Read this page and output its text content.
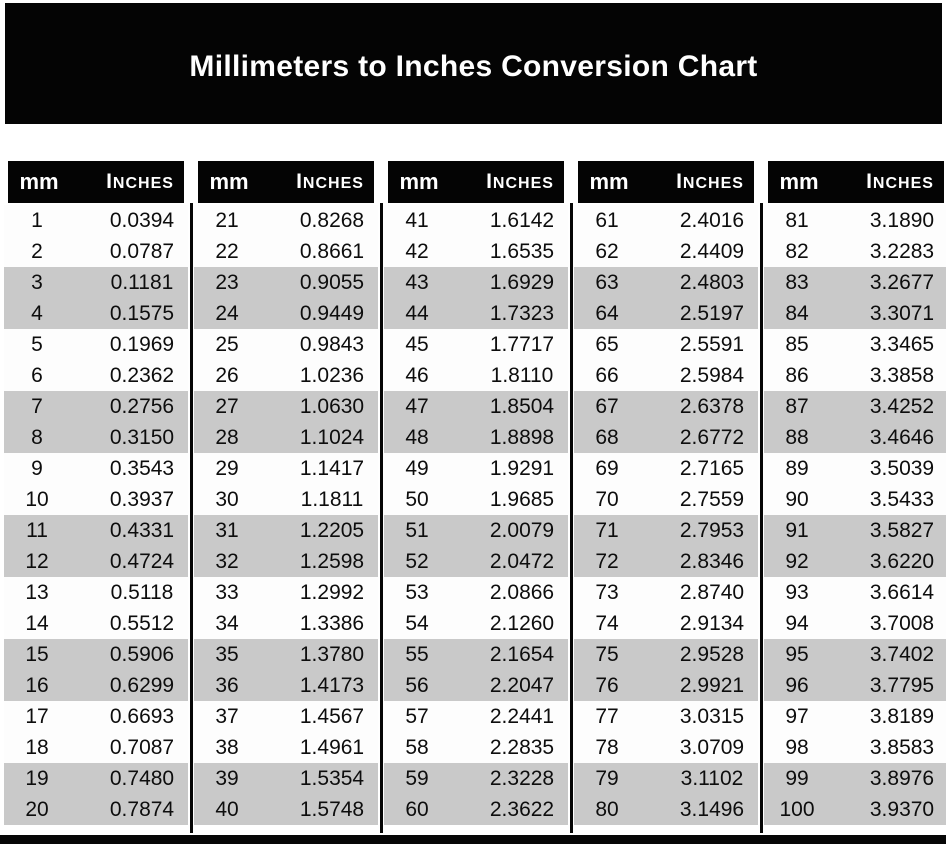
Millimeters to Inches Conversion Chart
mm	INCHES
1	0.0394
2	0.0787
3	0.1181
4	0.1575
5	0.1969
6	0.2362
7	0.2756
8	0.3150
9	0.3543
10	0.3937
11	0.4331
12	0.4724
13	0.5118
14	0.5512
15	0.5906
16	0.6299
17	0.6693
18	0.7087
19	0.7480
20	0.7874
mm	INCHES
21	0.8268
22	0.8661
23	0.9055
24	0.9449
25	0.9843
26	1.0236
27	1.0630
28	1.1024
29	1.1417
30	1.1811
31	1.2205
32	1.2598
33	1.2992
34	1.3386
35	1.3780
36	1.4173
37	1.4567
38	1.4961
39	1.5354
40	1.5748
mm	INCHES
41	1.6142
42	1.6535
43	1.6929
44	1.7323
45	1.7717
46	1.8110
47	1.8504
48	1.8898
49	1.9291
50	1.9685
51	2.0079
52	2.0472
53	2.0866
54	2.1260
55	2.1654
56	2.2047
57	2.2441
58	2.2835
59	2.3228
60	2.3622
mm	INCHES
61	2.4016
62	2.4409
63	2.4803
64	2.5197
65	2.5591
66	2.5984
67	2.6378
68	2.6772
69	2.7165
70	2.7559
71	2.7953
72	2.8346
73	2.8740
74	2.9134
75	2.9528
76	2.9921
77	3.0315
78	3.0709
79	3.1102
80	3.1496
mm	INCHES
81	3.1890
82	3.2283
83	3.2677
84	3.3071
85	3.3465
86	3.3858
87	3.4252
88	3.4646
89	3.5039
90	3.5433
91	3.5827
92	3.6220
93	3.6614
94	3.7008
95	3.7402
96	3.7795
97	3.8189
98	3.8583
99	3.8976
100	3.9370
